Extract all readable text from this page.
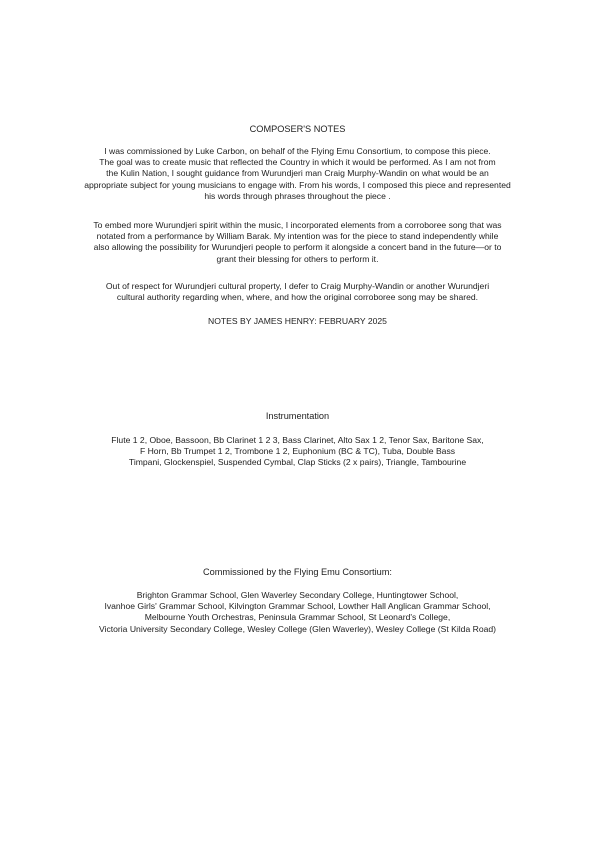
COMPOSER'S NOTES
I was commissioned by Luke Carbon, on behalf of the Flying Emu Consortium, to compose this piece.
The goal was to create music that reflected the Country in which it would be performed. As I am not from
the Kulin Nation, I sought guidance from Wurundjeri man Craig Murphy-Wandin on what would be an
appropriate subject for young musicians to engage with. From his words, I composed this piece and represented
his words through phrases throughout the piece .
To embed more Wurundjeri spirit within the music, I incorporated elements from a corroboree song that was
notated from a performance by William Barak. My intention was for the piece to stand independently while
also allowing the possibility for Wurundjeri people to perform it alongside a concert band in the future—or to
grant their blessing for others to perform it.
Out of respect for Wurundjeri cultural property, I defer to Craig Murphy-Wandin or another Wurundjeri
cultural authority regarding when, where, and how the original corroboree song may be shared.
NOTES BY JAMES HENRY: FEBRUARY 2025
Instrumentation
Flute 1 2, Oboe, Bassoon, Bb Clarinet 1 2 3, Bass Clarinet, Alto Sax 1 2, Tenor Sax, Baritone Sax,
F Horn, Bb Trumpet 1 2, Trombone 1 2, Euphonium (BC & TC), Tuba, Double Bass
Timpani, Glockenspiel, Suspended Cymbal, Clap Sticks (2 x pairs), Triangle, Tambourine
Commissioned by the Flying Emu Consortium:
Brighton Grammar School, Glen Waverley Secondary College, Huntingtower School,
Ivanhoe Girls' Grammar School, Kilvington Grammar School, Lowther Hall Anglican Grammar School,
Melbourne Youth Orchestras, Peninsula Grammar School, St Leonard's College,
Victoria University Secondary College, Wesley College (Glen Waverley), Wesley College (St Kilda Road)
